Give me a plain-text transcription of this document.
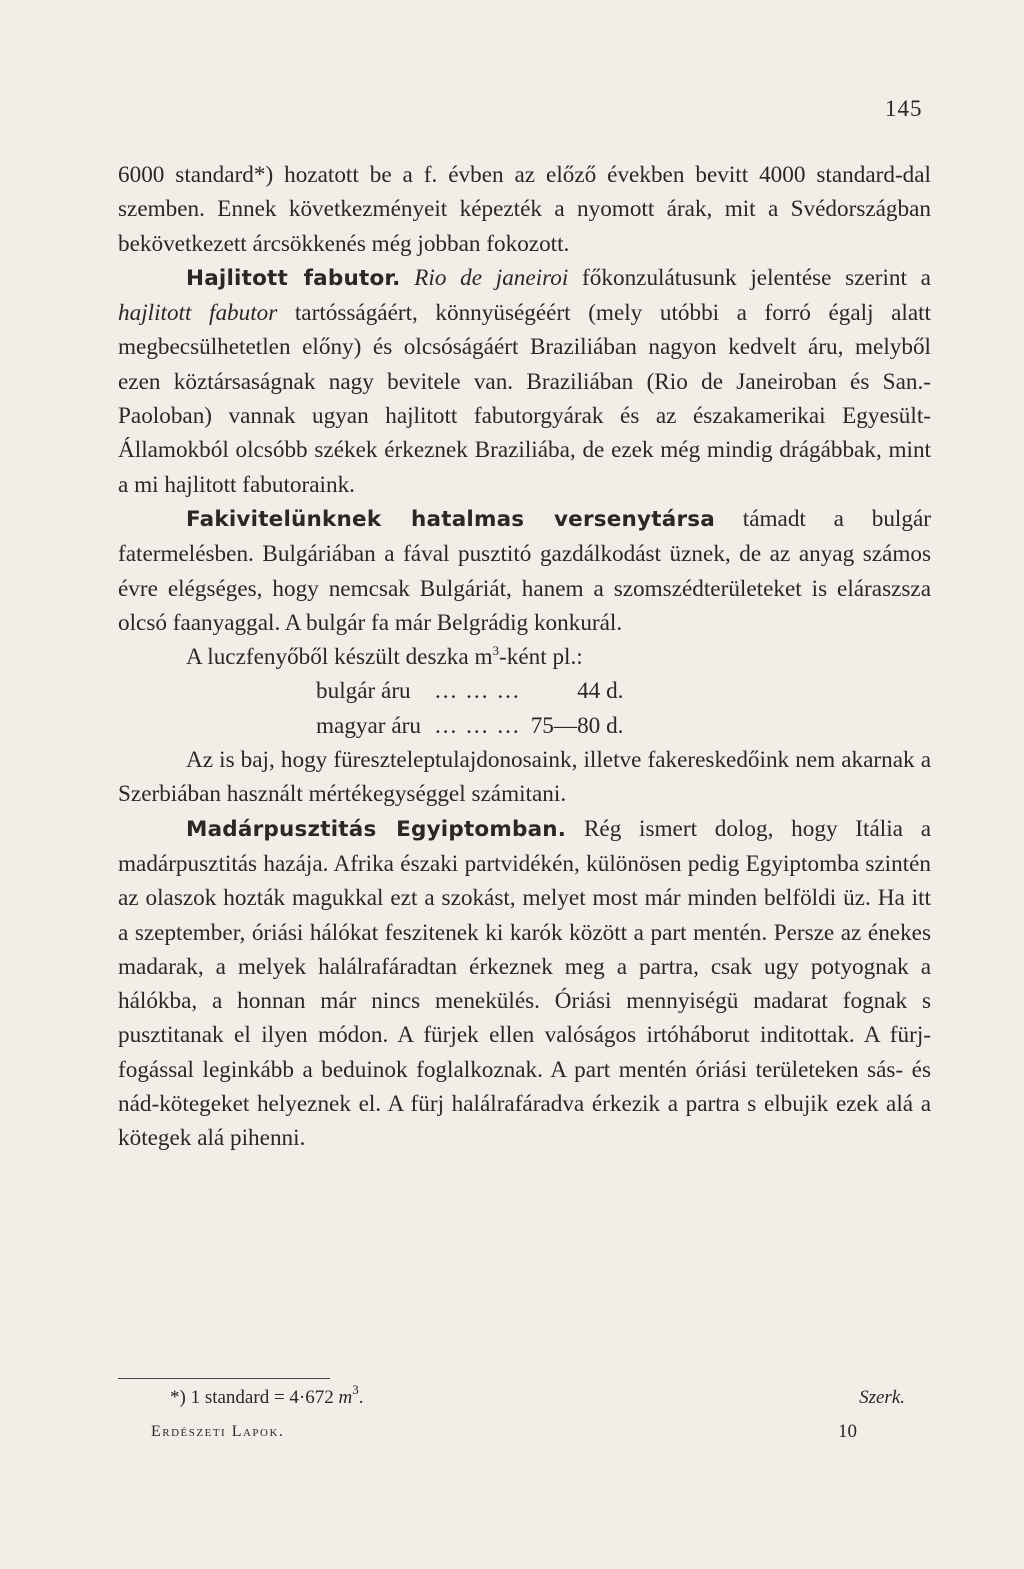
145

6000 standard*) hozatott be a f. évben az előző években bevitt 4000 standard-dal szemben. Ennek következményeit képezték a nyomott árak, mit a Svédországban bekövetkezett árcsökkenés még jobban fokozott.

Hajlitott fabutor. Rio de janeiroi főkonzulátusunk jelentése szerint a hajlitott fabutor tartósságáért, könnyüségéért (mely utóbbi a forró égalj alatt megbecsülhetetlen előny) és olcsóságáért Braziliában nagyon kedvelt áru, melyből ezen köztársaságnak nagy bevitele van. Braziliában (Rio de Janeiroban és San.-Paoloban) vannak ugyan hajlitott fabutorgyárak és az északamerikai Egyesült-Államokból olcsóbb székek érkeznek Braziliába, de ezek még mindig drágábbak, mint a mi hajlitott fabutoraink.

Fakivitelünknek hatalmas versenytársa támadt a bulgár fatermelésben. Bulgáriában a fával pusztitó gazdálkodást üznek, de az anyag számos évre elégséges, hogy nemcsak Bulgáriát, hanem a szomszédterületeket is eláraszsza olcsó faanyaggal. A bulgár fa már Belgrádig konkurál.

A luczfenyőből készült deszka $m^3$-ként pl.:

bulgár áru	... ... ...	44 d.
magyar áru	... ... ...	75—80 d.

Az is baj, hogy füreszteleptulajdonosaink, illetve fakereskedőink nem akarnak a Szerbiában használt mértékegységgel számitani.

Madárpusztitás Egyiptomban. Rég ismert dolog, hogy Itália a madárpusztitás hazája. Afrika északi partvidékén, különösen pedig Egyiptomba szintén az olaszok hozták magukkal ezt a szokást, melyet most már minden belföldi üz. Ha itt a szeptember, óriási hálókat feszitenek ki karók között a part mentén. Persze az énekes madarak, a melyek halálrafáradtan érkeznek meg a partra, csak ugy potyognak a hálókba, a honnan már nincs menekülés. Óriási mennyiségü madarat fognak s pusztitanak el ilyen módon. A fürjek ellen valóságos irtóháborut inditottak. A fürj-fogással leginkább a beduinok foglalkoznak. A part mentén óriási területeken sás- és nád-kötegeket helyeznek el. A fürj halálrafáradva érkezik a partra s elbujik ezek alá a kötegek alá pihenni.

*) 1 standard = 4·672 $m^3$.	Szerk.
Erdészeti Lapok.	10
